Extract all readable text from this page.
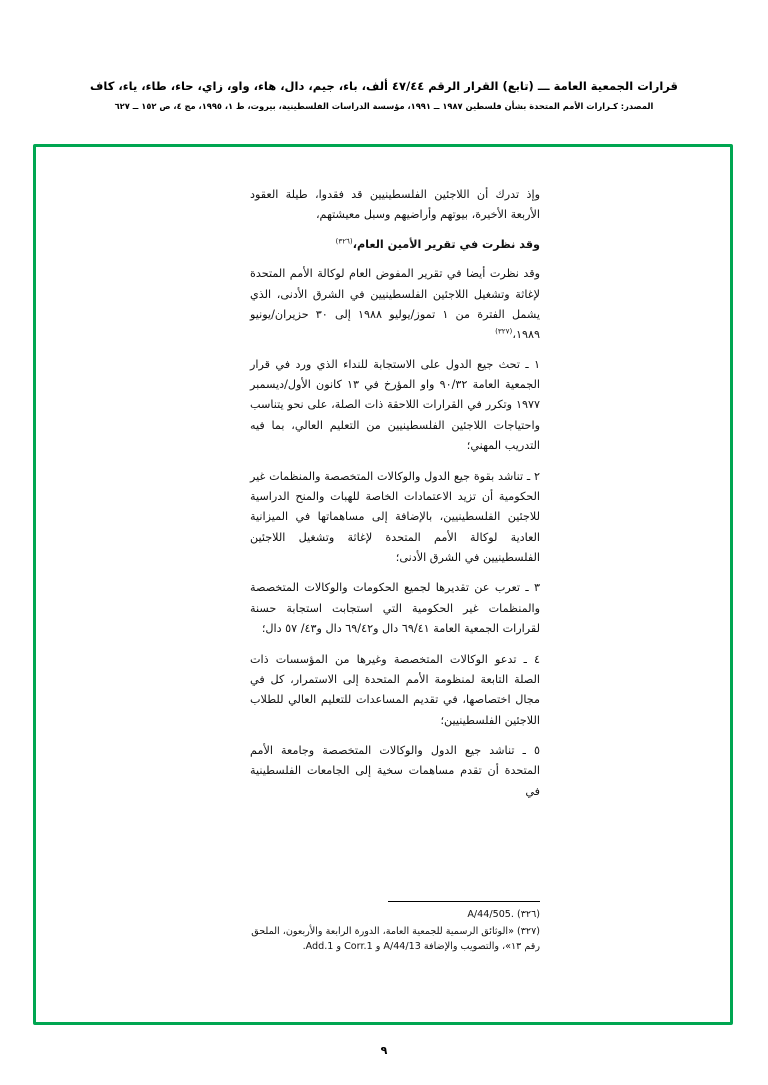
قرارات الجمعية العامة ـــ (تابع) القرار الرقم ٤٧/٤٤ ألف، باء، جيم، دال، هاء، واو، زاي، حاء، طاء، ياء، كاف
المصدر: كـرارات الأمم المتحدة بشأن فلسطين ١٩٨٧ ــ ١٩٩١، مؤسسة الدراسات الفلسطينية، بيروت، ط ١، ١٩٩٥، مج ٤، ص ١٥٢ ــ ٦٢٧

وإذ تدرك أن اللاجئين الفلسطينيين قد فقدوا، طيلة العقود الأربعة الأخيرة، بيوتهم وأراضيهم وسبل معيشتهم،

وقد نظرت في تقرير الأمين العام،$^{(٣٢٦)}$

وقد نظرت أيضا في تقرير المفوض العام لوكالة الأمم المتحدة لإغاثة وتشغيل اللاجئين الفلسطينيين في الشرق الأدنى، الذي يشمل الفترة من ١ تموز/يوليو ١٩٨٨ إلى ٣٠ حزيران/يونيو ١٩٨٩،$^{(٣٢٧)}$

١ ـ تحث جيع الدول على الاستجابة للنداء الذي ورد في قرار الجمعية العامة ٩٠/٣٢ واو المؤرخ في ١٣ كانون الأول/ديسمبر ١٩٧٧ وتكرر في القرارات اللاحقة ذات الصلة، على نحو يتناسب واحتياجات اللاجئين الفلسطينيين من التعليم العالي، بما فيه التدريب المهني؛

٢ ـ تناشد بقوة جيع الدول والوكالات المتخصصة والمنظمات غير الحكومية أن تزيد الاعتمادات الخاصة للهبات والمنح الدراسية للاجئين الفلسطينيين، بالإضافة إلى مساهماتها في الميزانية العادية لوكالة الأمم المتحدة لإغاثة وتشغيل اللاجئين الفلسطينيين في الشرق الأدنى؛

٣ ـ تعرب عن تقديرها لجميع الحكومات والوكالات المتخصصة والمنظمات غير الحكومية التي استجابت استجابة حسنة لقرارات الجمعية العامة ٦٩/٤١ دال و٦٩/٤٢ دال و٤٣/ ٥٧ دال؛

٤ ـ تدعو الوكالات المتخصصة وغيرها من المؤسسات ذات الصلة التابعة لمنظومة الأمم المتحدة إلى الاستمرار، كل في مجال اختصاصها، في تقديم المساعدات للتعليم العالي للطلاب اللاجئين الفلسطينيين؛

٥ ـ تناشد جيع الدول والوكالات المتخصصة وجامعة الأمم المتحدة أن تقدم مساهمات سخية إلى الجامعات الفلسطينية في

A/44/505. (٣٢٦)

(٣٢٧) «الوثائق الرسمية للجمعية العامة، الدورة الرابعة والأربعون، الملحق رقم ١٣»، والتصويب والإضافة A/44/13 و Corr.1 و Add.1.

٩
